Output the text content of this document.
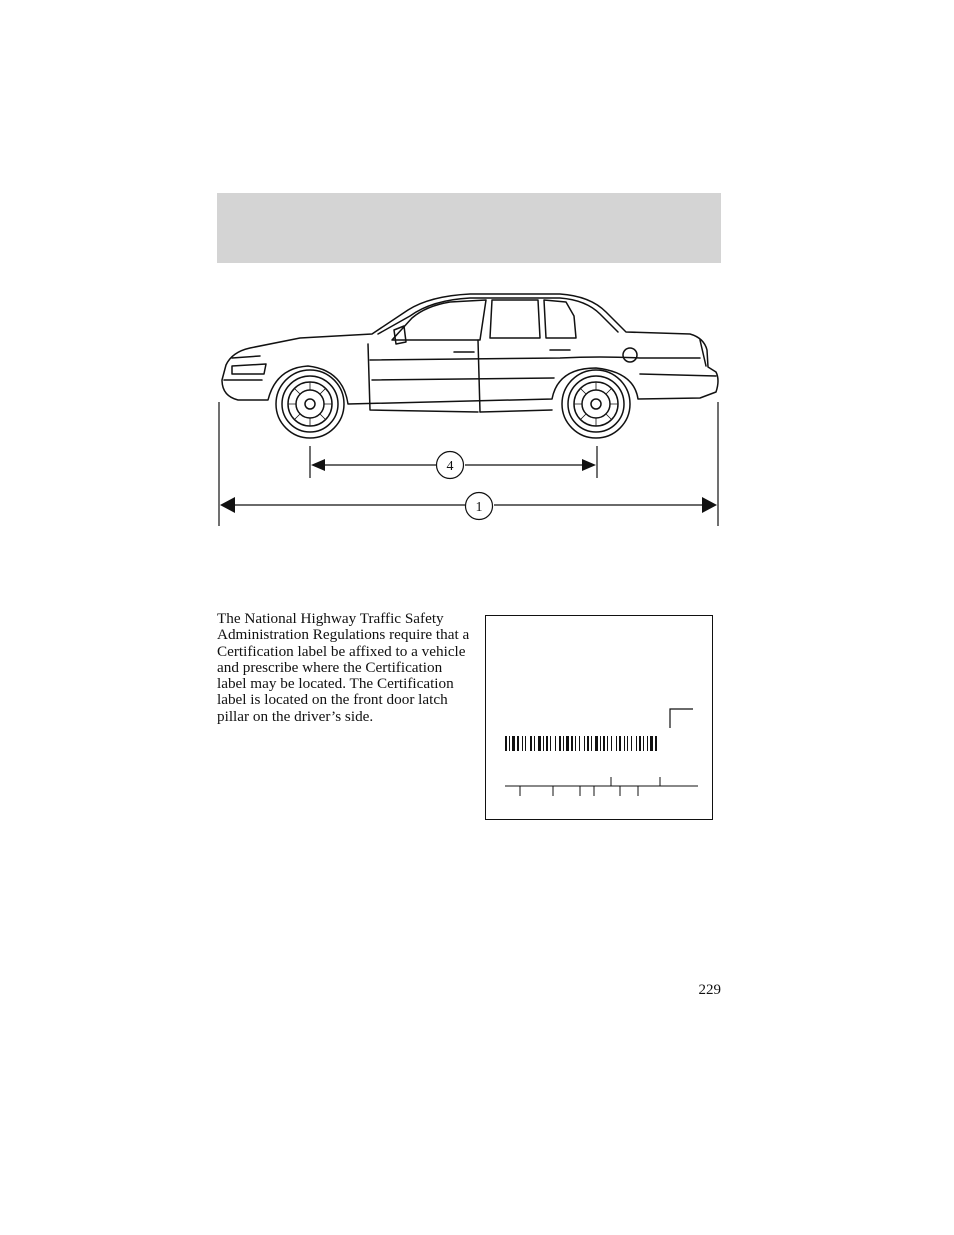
4
1

The National Highway Traffic Safety Administration Regulations require that a Certification label be affixed to a vehicle and prescribe where the Certification label may be located. The Certification label is located on the front door latch pillar on the driver’s side.

229
